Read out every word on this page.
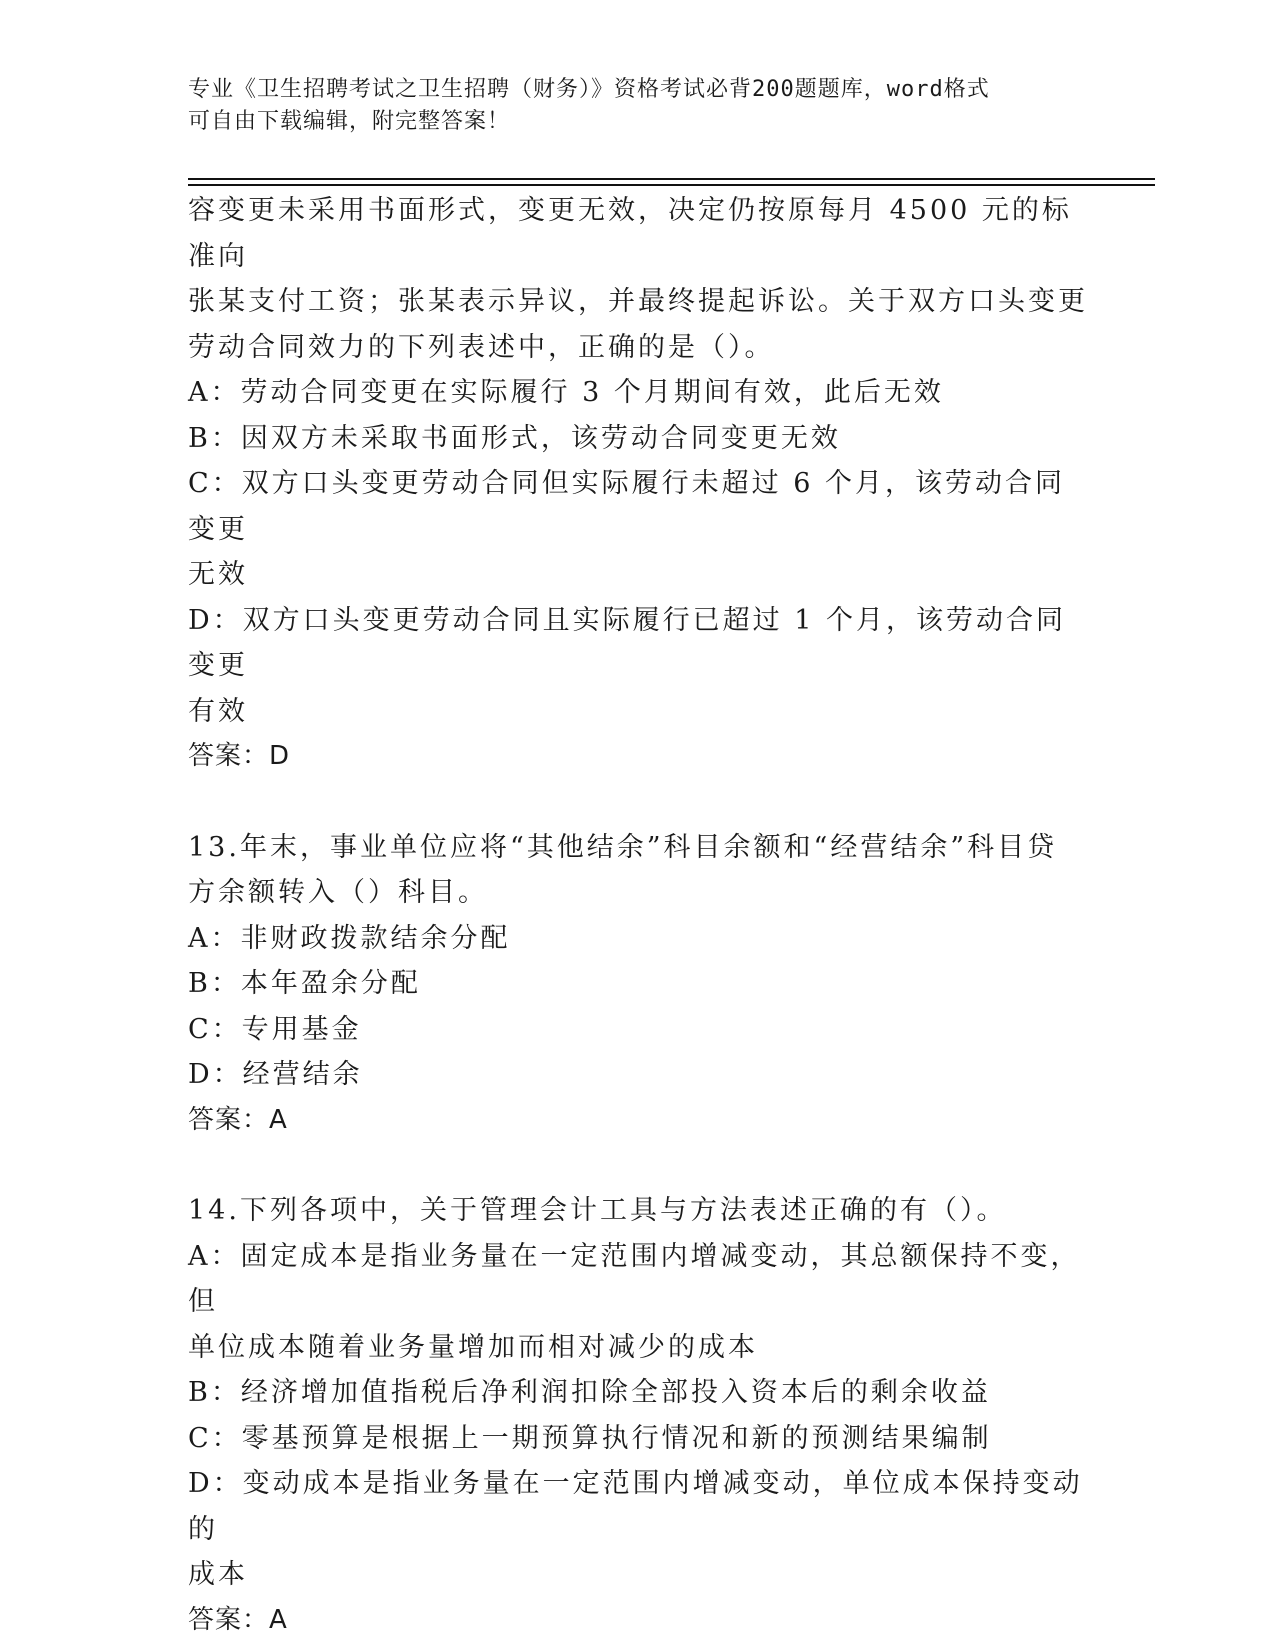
专业《卫生招聘考试之卫生招聘（财务）》资格考试必背200题题库，word格式
可自由下载编辑，附完整答案！

容变更未采用书面形式，变更无效，决定仍按原每月 4500 元的标准向

张某支付工资；张某表示异议，并最终提起诉讼。关于双方口头变更

劳动合同效力的下列表述中，正确的是（）。

A：劳动合同变更在实际履行 3 个月期间有效，此后无效

B：因双方未采取书面形式，该劳动合同变更无效

C：双方口头变更劳动合同但实际履行未超过 6 个月，该劳动合同变更

无效

D：双方口头变更劳动合同且实际履行已超过 1 个月，该劳动合同变更

有效

答案：D

13.年末，事业单位应将“其他结余”科目余额和“经营结余”科目贷

方余额转入（）科目。

A：非财政拨款结余分配

B：本年盈余分配

C：专用基金

D：经营结余

答案：A

14.下列各项中，关于管理会计工具与方法表述正确的有（）。

A：固定成本是指业务量在一定范围内增减变动，其总额保持不变，但

单位成本随着业务量增加而相对减少的成本

B：经济增加值指税后净利润扣除全部投入资本后的剩余收益

C：零基预算是根据上一期预算执行情况和新的预测结果编制

D：变动成本是指业务量在一定范围内增减变动，单位成本保持变动的

成本

答案：A
